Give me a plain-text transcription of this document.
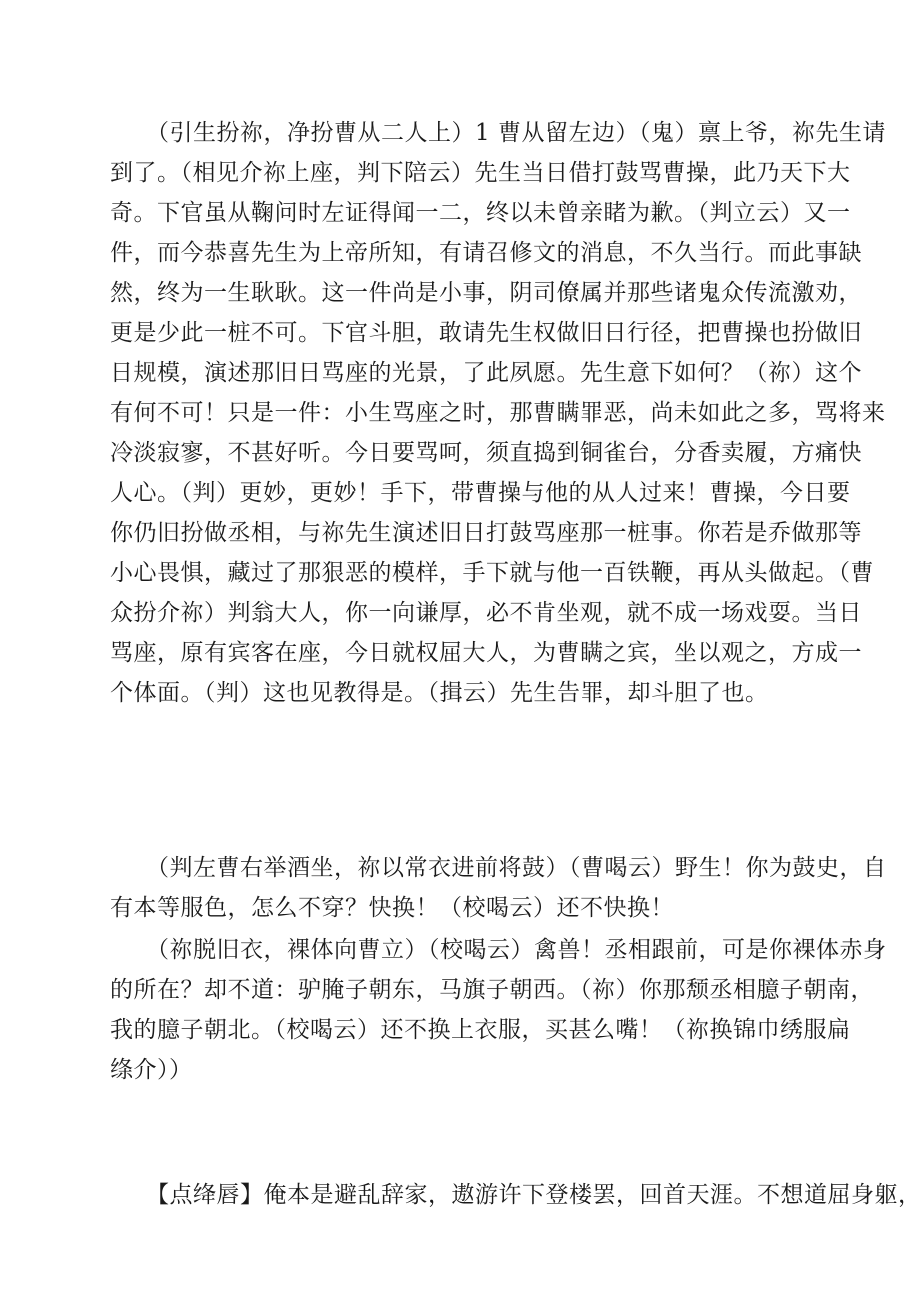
（引生扮祢，净扮曹从二人上）1 曹从留左边）（鬼）禀上爷，祢先生请
到了。（相见介祢上座，判下陪云）先生当日借打鼓骂曹操，此乃天下大
奇。下官虽从鞠问时左证得闻一二，终以未曾亲睹为歉。（判立云）又一
件，而今恭喜先生为上帝所知，有请召修文的消息，不久当行。而此事缺
然，终为一生耿耿。这一件尚是小事，阴司僚属并那些诸鬼众传流激劝，
更是少此一桩不可。下官斗胆，敢请先生权做旧日行径，把曹操也扮做旧
日规模，演述那旧日骂座的光景，了此夙愿。先生意下如何？（祢）这个
有何不可！只是一件：小生骂座之时，那曹瞒罪恶，尚未如此之多，骂将来
冷淡寂寥，不甚好听。今日要骂呵，须直捣到铜雀台，分香卖履，方痛快
人心。（判）更妙，更妙！手下，带曹操与他的从人过来！曹操，今日要
你仍旧扮做丞相，与祢先生演述旧日打鼓骂座那一桩事。你若是乔做那等
小心畏惧，藏过了那狠恶的模样，手下就与他一百铁鞭，再从头做起。（曹
众扮介祢）判翁大人，你一向谦厚，必不肯坐观，就不成一场戏耍。当日
骂座，原有宾客在座，今日就权屈大人，为曹瞒之宾，坐以观之，方成一
个体面。（判）这也见教得是。（揖云）先生告罪，却斗胆了也。
（判左曹右举酒坐，祢以常衣进前将鼓）（曹喝云）野生！你为鼓史，自
有本等服色，怎么不穿？快换！（校喝云）还不快换！
（祢脱旧衣，裸体向曹立）（校喝云）禽兽！丞相跟前，可是你裸体赤身
的所在？却不道：驴腌子朝东，马旗子朝西。（祢）你那颓丞相臆子朝南，
我的臆子朝北。（校喝云）还不换上衣服，买甚么嘴！（祢换锦巾绣服扁
绦介））
【点绛唇】俺本是避乱辞家，遨游许下登楼罢，回首天涯。不想道屈身躯，
